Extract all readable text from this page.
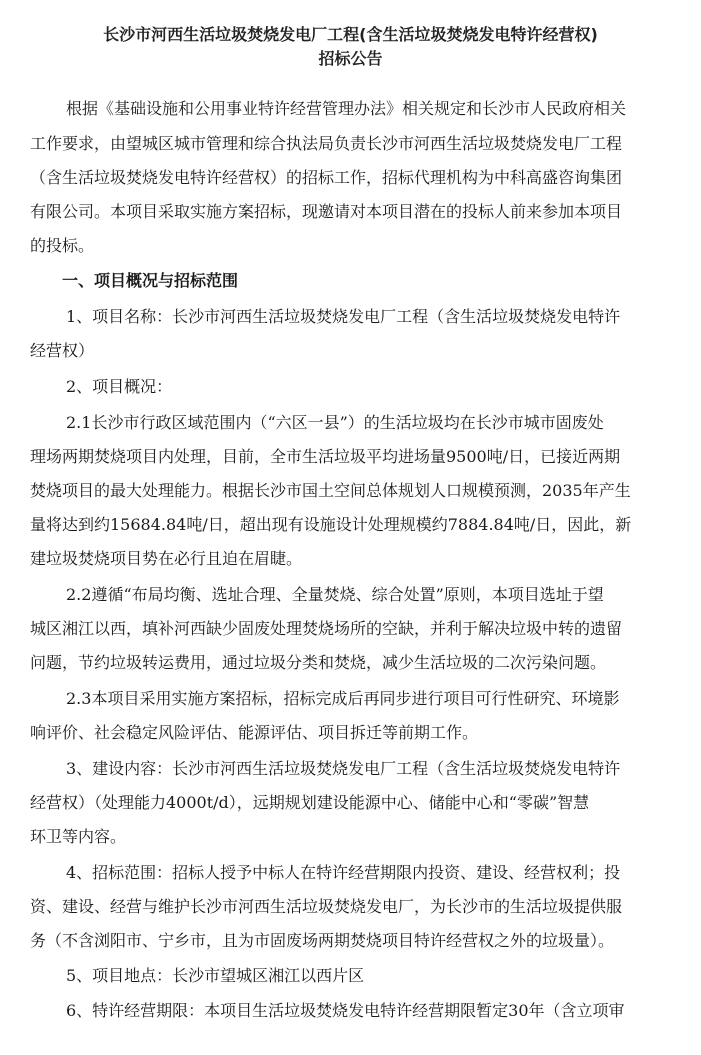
长沙市河西生活垃圾焚烧发电厂工程(含生活垃圾焚烧发电特许经营权)
招标公告
根据《基础设施和公用事业特许经营管理办法》相关规定和长沙市人民政府相关
工作要求，由望城区城市管理和综合执法局负责长沙市河西生活垃圾焚烧发电厂工程
（含生活垃圾焚烧发电特许经营权）的招标工作，招标代理机构为中科高盛咨询集团
有限公司。本项目采取实施方案招标，现邀请对本项目潜在的投标人前来参加本项目
的投标。
一、项目概况与招标范围
1、项目名称：长沙市河西生活垃圾焚烧发电厂工程（含生活垃圾焚烧发电特许
经营权）
2、项目概况：
2.1长沙市行政区域范围内（“六区一县”）的生活垃圾均在长沙市城市固废处
理场两期焚烧项目内处理，目前，全市生活垃圾平均进场量9500吨/日，已接近两期
焚烧项目的最大处理能力。根据长沙市国土空间总体规划人口规模预测，2035年产生
量将达到约15684.84吨/日，超出现有设施设计处理规模约7884.84吨/日，因此，新
建垃圾焚烧项目势在必行且迫在眉睫。
2.2遵循“布局均衡、选址合理、全量焚烧、综合处置”原则，本项目选址于望
城区湘江以西，填补河西缺少固废处理焚烧场所的空缺，并利于解决垃圾中转的遗留
问题，节约垃圾转运费用，通过垃圾分类和焚烧，减少生活垃圾的二次污染问题。
2.3本项目采用实施方案招标，招标完成后再同步进行项目可行性研究、环境影
响评价、社会稳定风险评估、能源评估、项目拆迁等前期工作。
3、建设内容：长沙市河西生活垃圾焚烧发电厂工程（含生活垃圾焚烧发电特许
经营权）（处理能力4000t/d），远期规划建设能源中心、储能中心和“零碳”智慧
环卫等内容。
4、招标范围：招标人授予中标人在特许经营期限内投资、建设、经营权利；投
资、建设、经营与维护长沙市河西生活垃圾焚烧发电厂，为长沙市的生活垃圾提供服
务（不含浏阳市、宁乡市，且为市固废场两期焚烧项目特许经营权之外的垃圾量）。
5、项目地点：长沙市望城区湘江以西片区
6、特许经营期限：本项目生活垃圾焚烧发电特许经营期限暂定30年（含立项审
